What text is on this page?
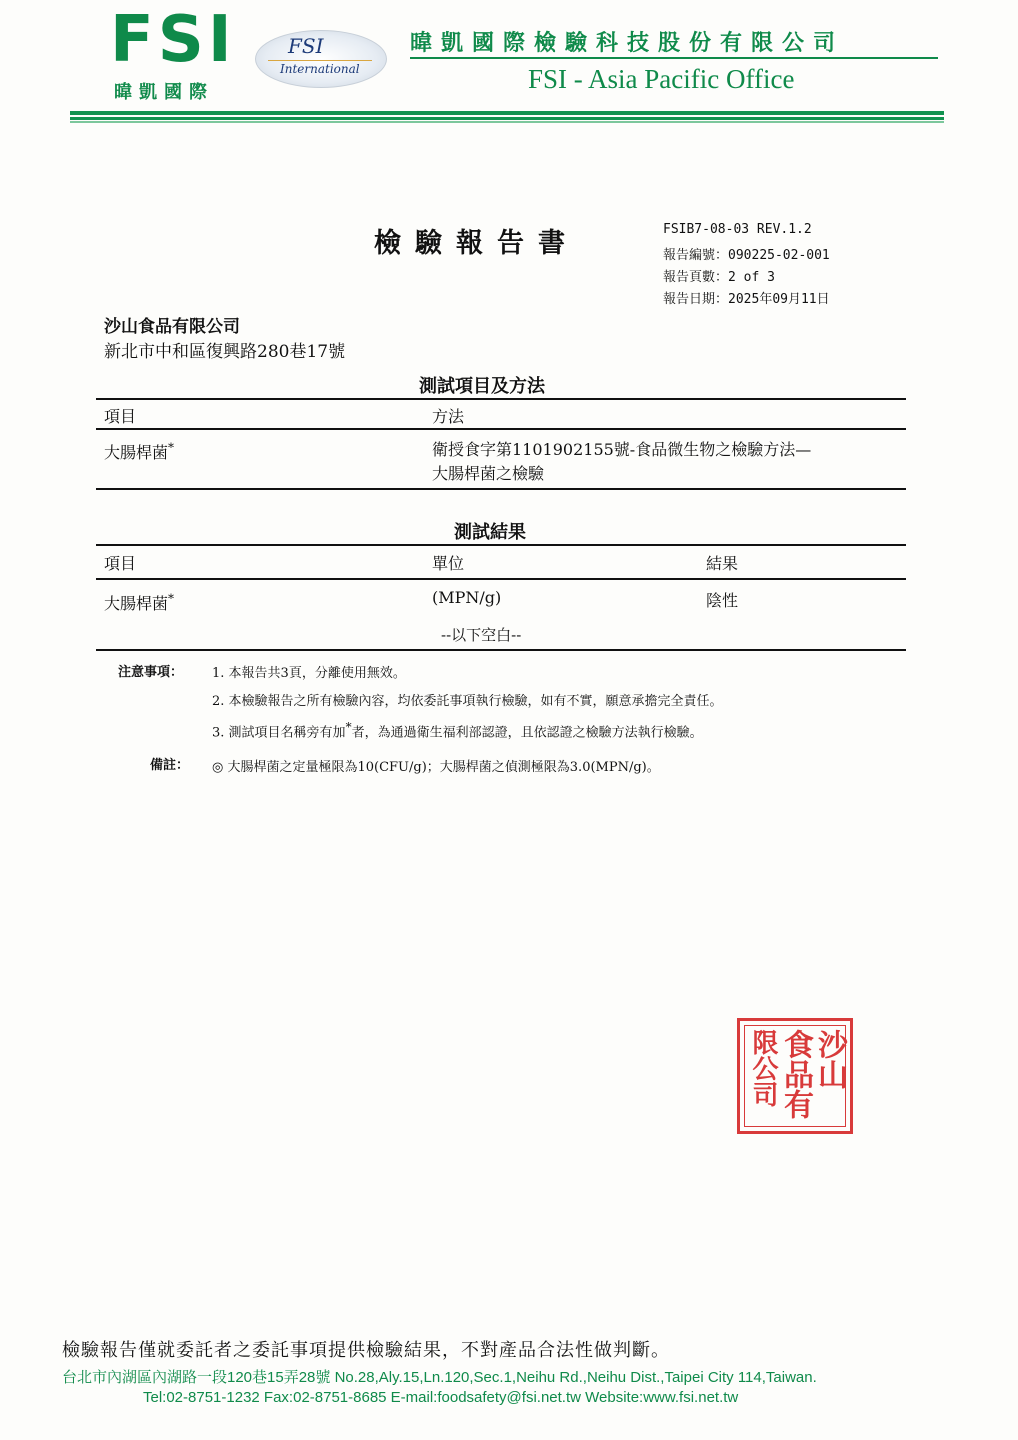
FSI
暐凱國際
FSI
International
暐凱國際檢驗科技股份有限公司
FSI - Asia Pacific Office
檢驗報告書	FSIB7-08-03 REV.1.2
報告編號：090225-02-001
報告頁數：2 of 3
報告日期：2025年09月11日
沙山食品有限公司
新北市中和區復興路280巷17號
測試項目及方法
項目	方法
大腸桿菌*	衛授食字第1101902155號-食品微生物之檢驗方法—
大腸桿菌之檢驗
測試結果
項目	單位	結果
大腸桿菌*	(MPN/g)	陰性
--以下空白--
注意事項： 1. 本報告共3頁，分離使用無效。
2. 本檢驗報告之所有檢驗內容，均依委託事項執行檢驗，如有不實，願意承擔完全責任。
3. 測試項目名稱旁有加*者，為通過衛生福利部認證，且依認證之檢驗方法執行檢驗。
備註： ◎ 大腸桿菌之定量極限為10(CFU/g)；大腸桿菌之偵測極限為3.0(MPN/g)。
沙山
食品有
限公司
檢驗報告僅就委託者之委託事項提供檢驗結果，不對產品合法性做判斷。
台北市內湖區內湖路一段120巷15弄28號 No.28,Aly.15,Ln.120,Sec.1,Neihu Rd.,Neihu Dist.,Taipei City 114,Taiwan.
Tel:02-8751-1232 Fax:02-8751-8685 E-mail:foodsafety@fsi.net.tw Website:www.fsi.net.tw
